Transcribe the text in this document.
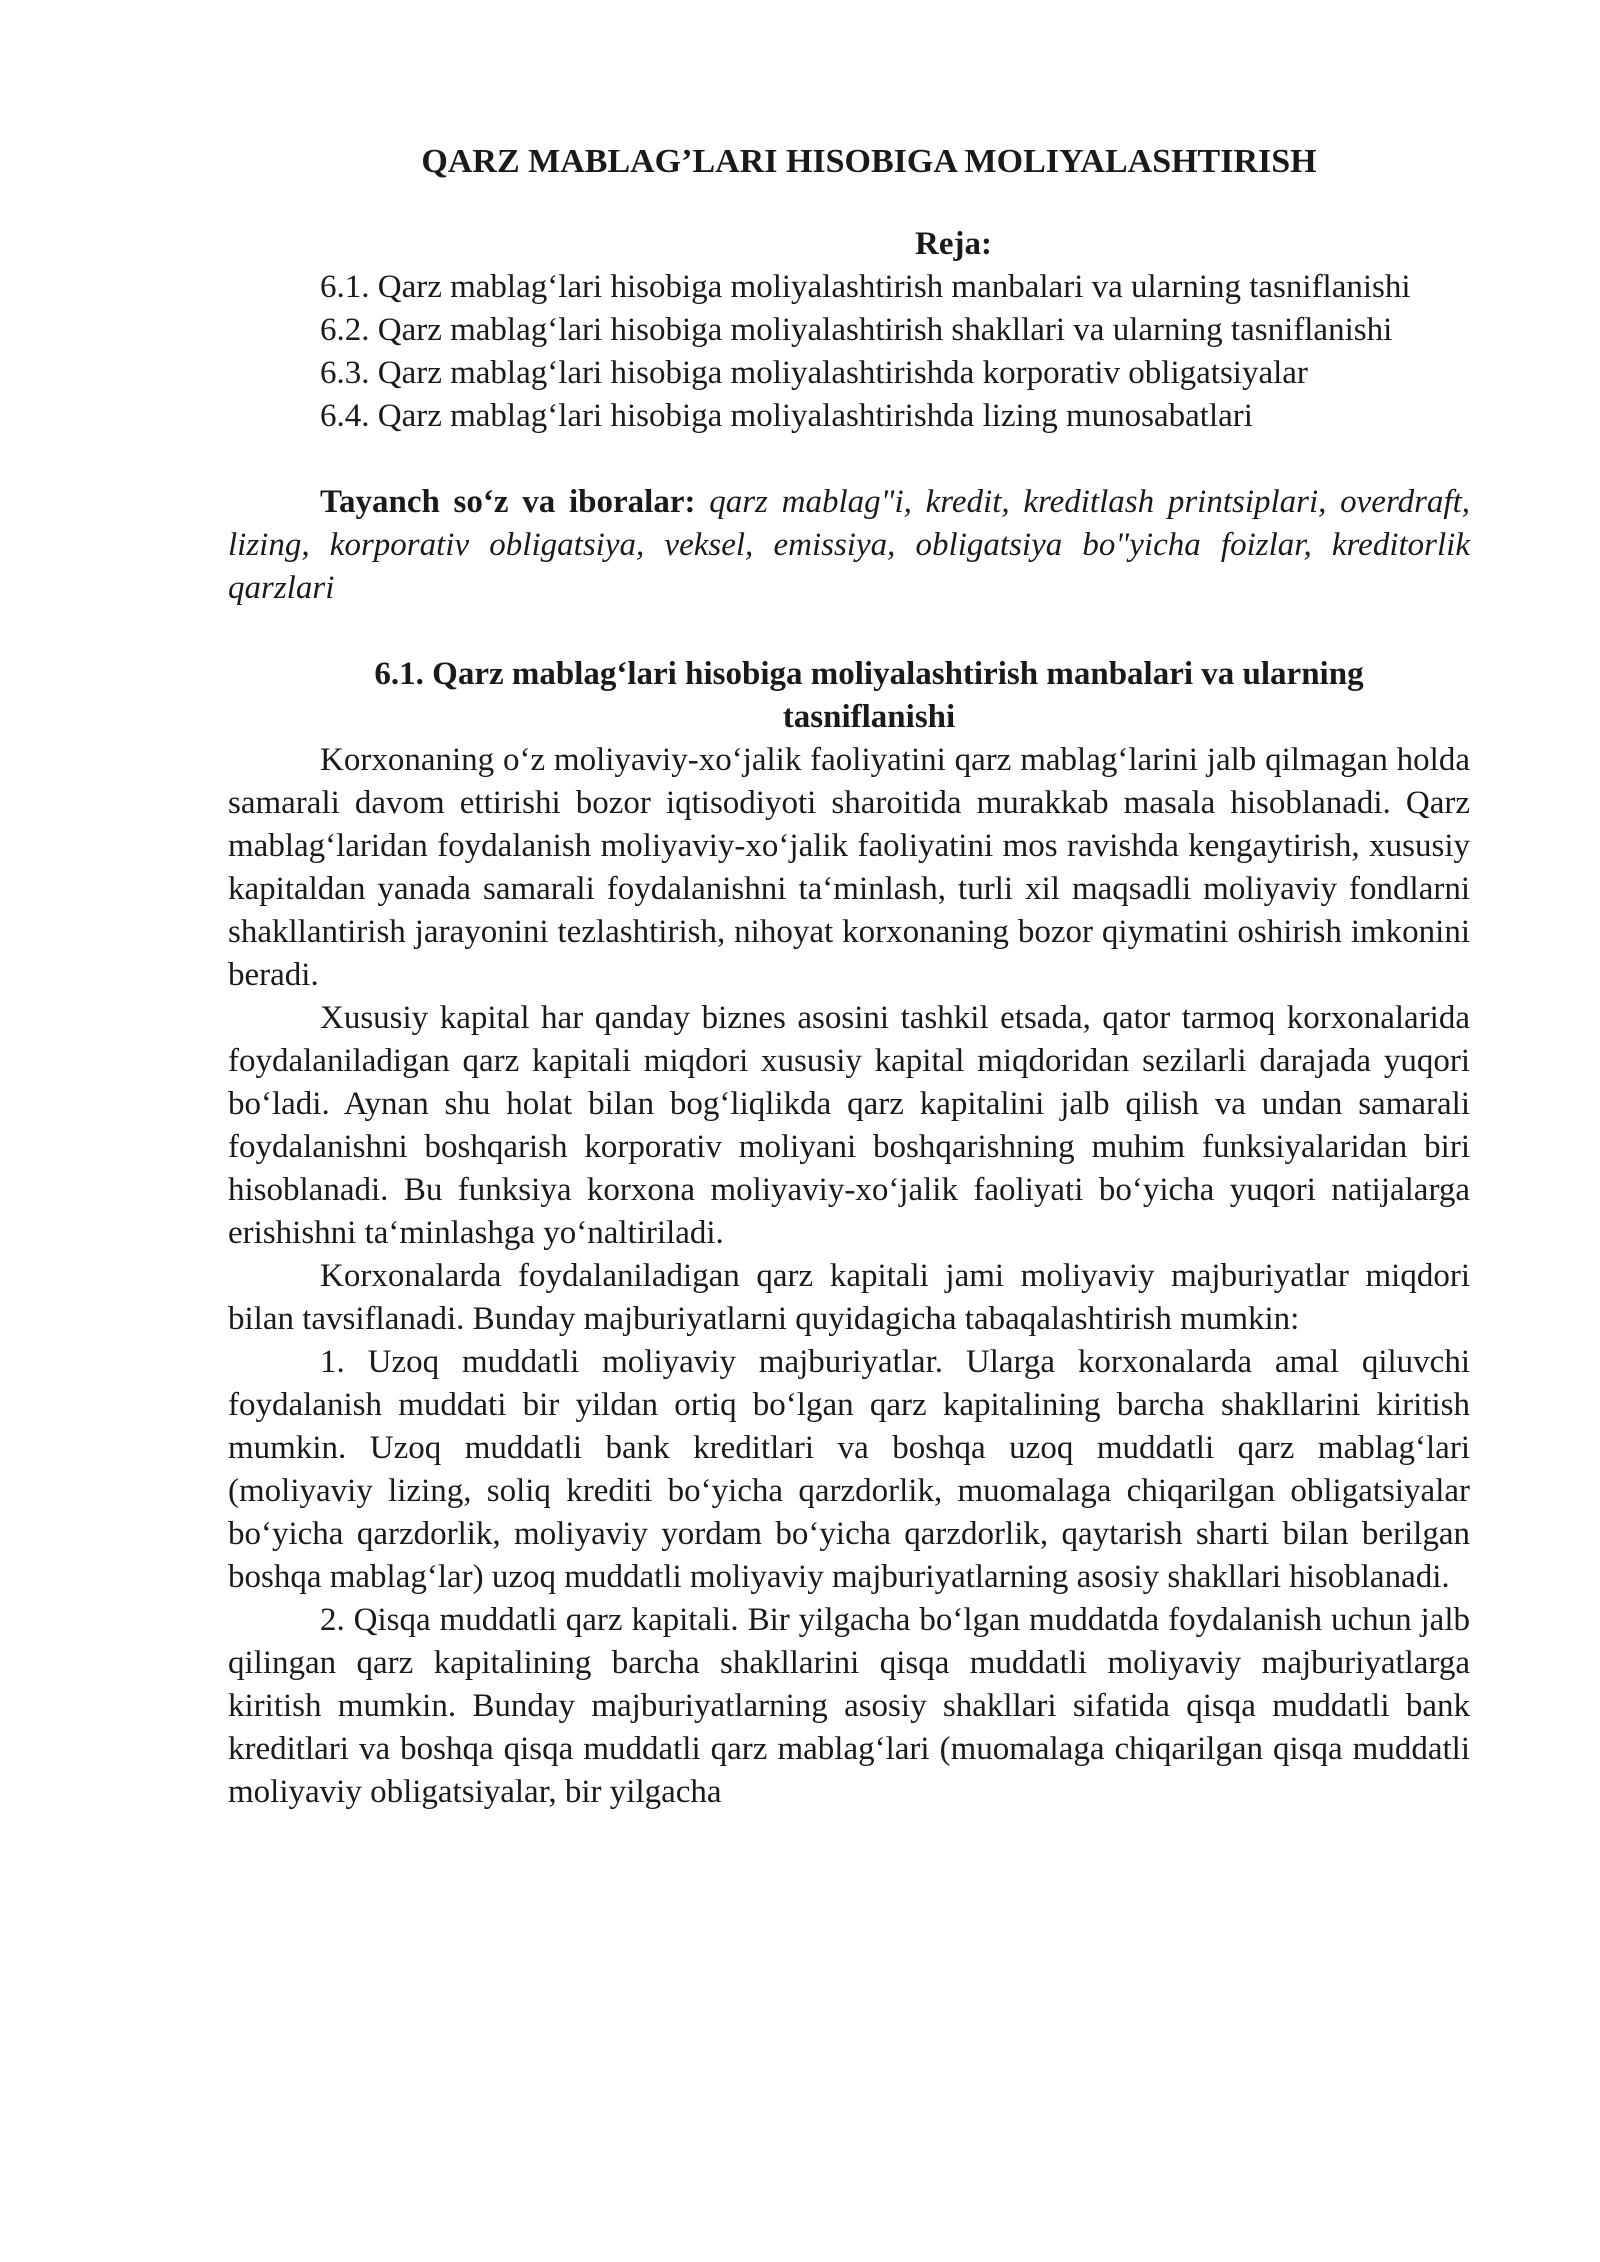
QARZ MABLAG’LARI HISOBIGA MOLIYALASHTIRISH

Reja:

6.1. Qarz mablag‘lari hisobiga moliyalashtirish manbalari va ularning tasniflanishi

6.2. Qarz mablag‘lari hisobiga moliyalashtirish shakllari va ularning tasniflanishi

6.3. Qarz mablag‘lari hisobiga moliyalashtirishda korporativ obligatsiyalar

6.4. Qarz mablag‘lari hisobiga moliyalashtirishda lizing munosabatlari

Tayanch so‘z va iboralar: qarz mablag"i, kredit, kreditlash printsiplari, overdraft, lizing, korporativ obligatsiya, veksel, emissiya, obligatsiya bo"yicha foizlar, kreditorlik qarzlari

6.1. Qarz mablag‘lari hisobiga moliyalashtirish manbalari va ularning tasniflanishi

Korxonaning o‘z moliyaviy-xo‘jalik faoliyatini qarz mablag‘larini jalb qilmagan holda samarali davom ettirishi bozor iqtisodiyoti sharoitida murakkab masala hisoblanadi. Qarz mablag‘laridan foydalanish moliyaviy-xo‘jalik faoliyatini mos ravishda kengaytirish, xususiy kapitaldan yanada samarali foydalanishni ta‘minlash, turli xil maqsadli moliyaviy fondlarni shakllantirish jarayonini tezlashtirish, nihoyat korxonaning bozor qiymatini oshirish imkonini beradi.

Xususiy kapital har qanday biznes asosini tashkil etsada, qator tarmoq korxonalarida foydalaniladigan qarz kapitali miqdori xususiy kapital miqdoridan sezilarli darajada yuqori bo‘ladi. Aynan shu holat bilan bog‘liqlikda qarz kapitalini jalb qilish va undan samarali foydalanishni boshqarish korporativ moliyani boshqarishning muhim funksiyalaridan biri hisoblanadi. Bu funksiya korxona moliyaviy-xo‘jalik faoliyati bo‘yicha yuqori natijalarga erishishni ta‘minlashga yo‘naltiriladi.

Korxonalarda foydalaniladigan qarz kapitali jami moliyaviy majburiyatlar miqdori bilan tavsiflanadi. Bunday majburiyatlarni quyidagicha tabaqalashtirish mumkin:

1. Uzoq muddatli moliyaviy majburiyatlar. Ularga korxonalarda amal qiluvchi foydalanish muddati bir yildan ortiq bo‘lgan qarz kapitalining barcha shakllarini kiritish mumkin. Uzoq muddatli bank kreditlari va boshqa uzoq muddatli qarz mablag‘lari (moliyaviy lizing, soliq krediti bo‘yicha qarzdorlik, muomalaga chiqarilgan obligatsiyalar bo‘yicha qarzdorlik, moliyaviy yordam bo‘yicha qarzdorlik, qaytarish sharti bilan berilgan boshqa mablag‘lar) uzoq muddatli moliyaviy majburiyatlarning asosiy shakllari hisoblanadi.

2. Qisqa muddatli qarz kapitali. Bir yilgacha bo‘lgan muddatda foydalanish uchun jalb qilingan qarz kapitalining barcha shakllarini qisqa muddatli moliyaviy majburiyatlarga kiritish mumkin. Bunday majburiyatlarning asosiy shakllari sifatida qisqa muddatli bank kreditlari va boshqa qisqa muddatli qarz mablag‘lari (muomalaga chiqarilgan qisqa muddatli moliyaviy obligatsiyalar, bir yilgacha
